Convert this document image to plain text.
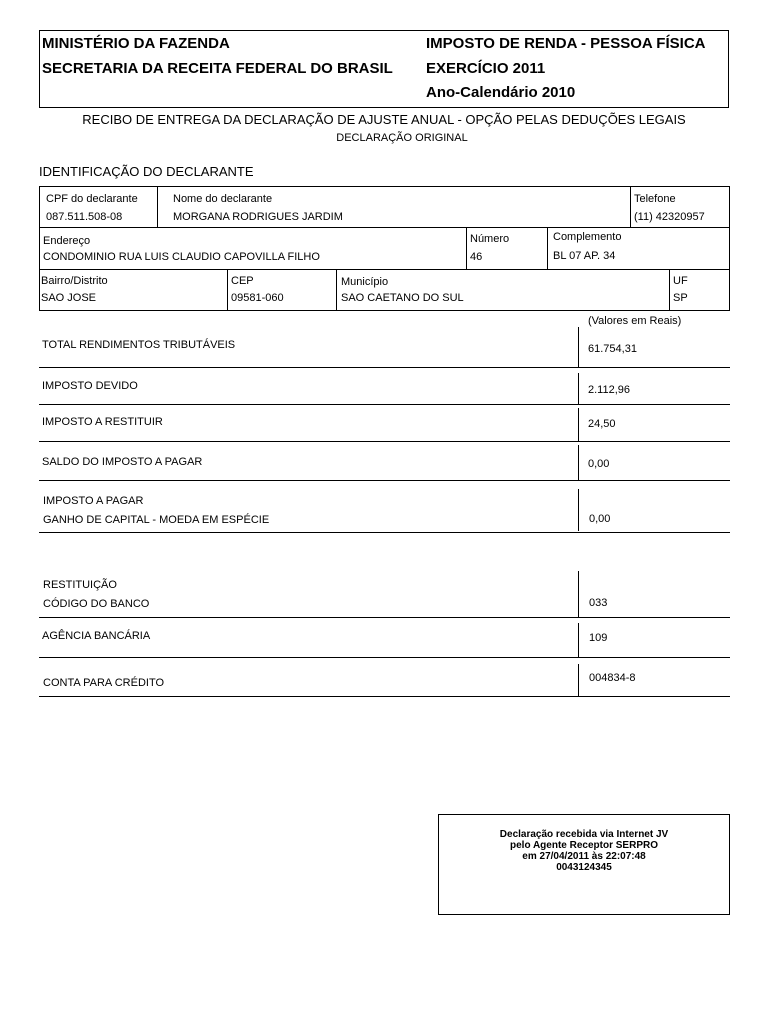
MINISTÉRIO DA FAZENDA
SECRETARIA DA RECEITA FEDERAL DO BRASIL
IMPOSTO DE RENDA - PESSOA FÍSICA
EXERCÍCIO 2011
Ano-Calendário 2010
RECIBO DE ENTREGA DA DECLARAÇÃO DE AJUSTE ANUAL - OPÇÃO PELAS DEDUÇÕES LEGAIS
DECLARAÇÃO ORIGINAL
IDENTIFICAÇÃO DO DECLARANTE
CPF do declarante
087.511.508-08
Nome do declarante
MORGANA RODRIGUES JARDIM
Telefone
(11) 42320957
Endereço
CONDOMINIO RUA LUIS CLAUDIO CAPOVILLA FILHO
Número
46
Complemento
BL 07 AP. 34
Bairro/Distrito
SAO JOSE
CEP
09581-060
Município
SAO CAETANO DO SUL
UF
SP
(Valores em Reais)
TOTAL RENDIMENTOS TRIBUTÁVEIS	61.754,31
IMPOSTO DEVIDO	2.112,96
IMPOSTO A RESTITUIR	24,50
SALDO DO IMPOSTO A PAGAR	0,00
IMPOSTO A PAGAR
GANHO DE CAPITAL - MOEDA EM ESPÉCIE	0,00
RESTITUIÇÃO
CÓDIGO DO BANCO	033
AGÊNCIA BANCÁRIA	109
CONTA PARA CRÉDITO	004834-8
Declaração recebida via Internet JV
pelo Agente Receptor SERPRO
em 27/04/2011 às 22:07:48
0043124345
